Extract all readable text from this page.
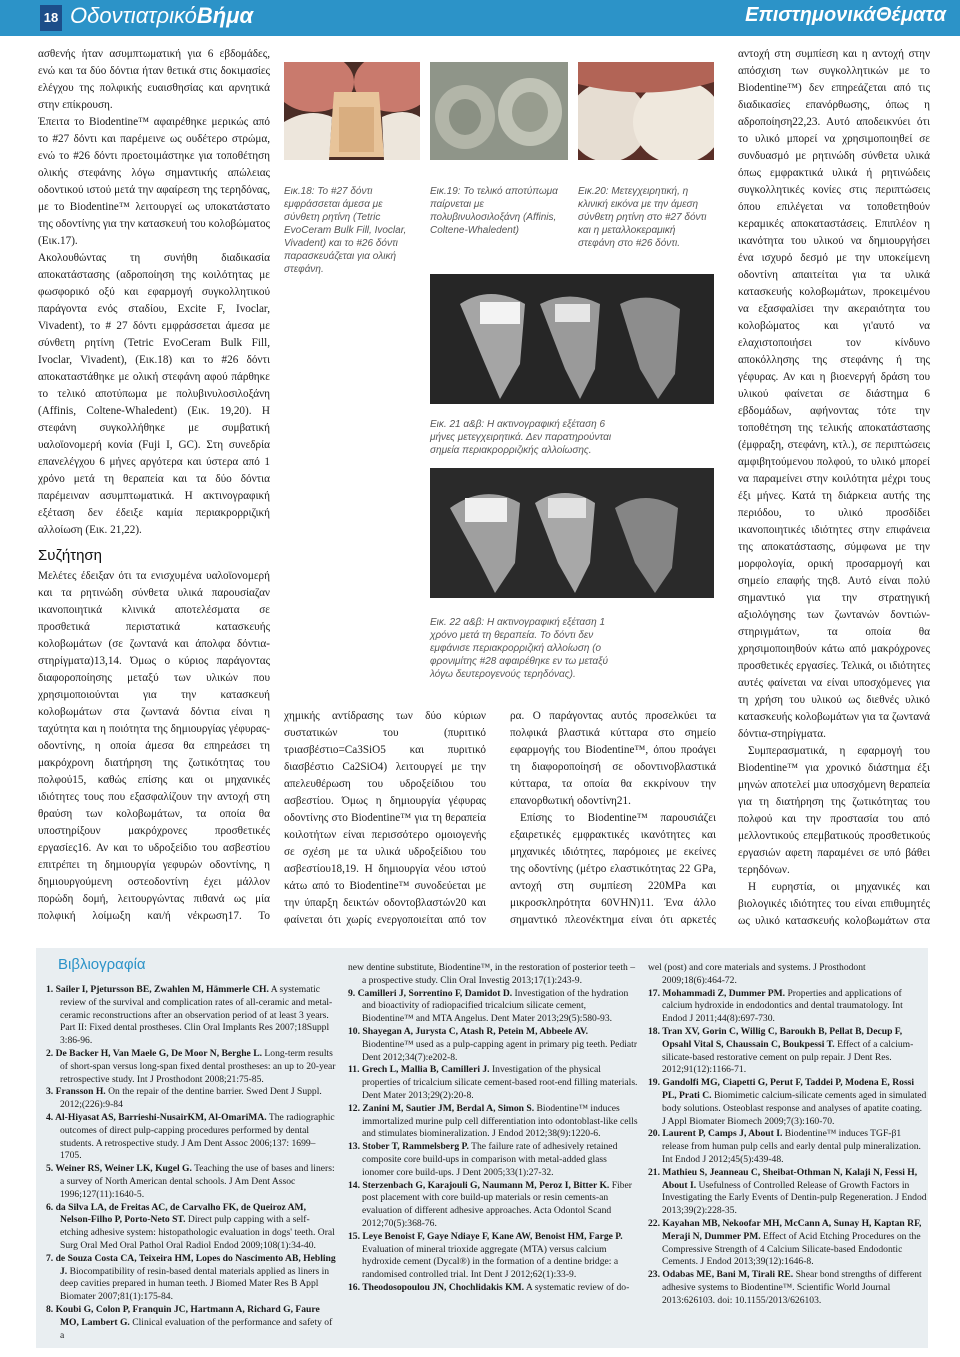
18 ΟδοντιατρικόΒήμα	ΕπιστημονικάΘέματα

ασθενής ήταν ασυμπτωματική για 6 εβδομάδες, ενώ και τα δύο δόντια ήταν θετικά στις δοκιμασίες ελέγχου της πολφικής ευαισθησίας και αρνητικά στην επίκρουση.

Έπειτα το Biodentine™ αφαιρέθηκε μερικώς από το #27 δόντι και παρέμεινε ως ουδέτερο στρώμα, ενώ το #26 δόντι προετοιμάστηκε για τοποθέτηση ολικής στεφάνης λόγω σημαντικής απώλειας οδοντικού ιστού μετά την αφαίρεση της τερηδόνας, με το Biodentine™ λειτουργεί ως υποκατάστατο της οδοντίνης για την κατασκευή του κολοβώματος (Εικ.17).

Ακολουθώντας τη συνήθη διαδικασία αποκατάστασης (αδροποίηση της κοιλότητας με φωσφορικό οξύ και εφαρμογή συγκολλητικού παράγοντα ενός σταδίου, Excite F, Ivoclar, Vivadent), το # 27 δόντι εμφράσσεται άμεσα με σύνθετη ρητίνη (Tetric EvoCeram Bulk Fill, Ivoclar, Vivadent), (Εικ.18) και το #26 δόντι αποκαταστάθηκε με ολική στεφάνη αφού πάρθηκε το τελικό αποτύπωμα με πολυβινυλοσιλοξάνη (Affinis, Coltene-Whaledent) (Εικ. 19,20). Η στεφάνη συγκολλήθηκε με συμβατική υαλοϊονομερή κονία (Fuji I, GC). Στη συνεδρία επανελέγχου 6 μήνες αργότερα και ύστερα από 1 χρόνο μετά τη θεραπεία και τα δύο δόντια παρέμειναν ασυμπτωματικά. Η ακτινογραφική εξέταση δεν έδειξε καμία περιακρορριζική αλλοίωση (Εικ. 21,22).

Συζήτηση

Μελέτες έδειξαν ότι τα ενισχυμένα υαλοϊονομερή και τα ρητινώδη σύνθετα υλικά παρουσίαζαν ικανοποιητικά κλινικά αποτελέσματα σε προσθετικά περιστατικά κατασκευής κολοβωμάτων (σε ζωντανά και άπολφα δόντια-στηρίγματα)13,14. Όμως ο κύριος παράγοντας διαφοροποίησης μεταξύ των υλικών που χρησιμοποιούνται για την κατασκευή κολοβωμάτων στα ζωντανά δόντια είναι η ταχύτητα και η ποιότητα της δημιουργίας γέφυρας-οδοντίνης, η οποία άμεσα θα επηρεάσει τη μακρόχρονη διατήρηση της ζωτικότητας του πολφού15, καθώς επίσης και οι μηχανικές ιδιότητες τους που εξασφαλίζουν την αντοχή στη θραύση των κολοβωμάτων, τα οποία θα υποστηρίξουν μακρόχρονες προσθετικές εργασίες16. Αν και το υδροξείδιο του ασβεστίου επιτρέπει τη δημιουργία γεφυρών οδοντίνης, η δημιουργούμενη οστεοδοντίνη έχει μάλλον πορώδη δομή, λειτουργώντας πιθανά ως μία πολφική λοίμωξη και/ή νέκρωση17. Το

Εικ.18: Το #27 δόντι εμφράσσεται άμεσα με σύνθετη ρητίνη (Tetric EvoCeram Bulk Fill, Ivoclar, Vivadent) και το #26 δόντι παρασκευάζεται για ολική στεφάνη.
Εικ.19: Το τελικό αποτύπωμα παίρνεται με πολυβινυλοσιλοξάνη (Affinis, Coltene-Whaledent)
Εικ.20: Μετεγχειρητική, η κλινική εικόνα με την άμεση σύνθετη ρητίνη στο #27 δόντι και η μεταλλοκεραμική στεφάνη στο #26 δόντι.
Εικ. 21 α&β: Η ακτινογραφική εξέταση 6 μήνες μετεγχειρητικά. Δεν παρατηρούνται σημεία περιακρορριζικής αλλοίωσης.
Εικ. 22 α&β: Η ακτινογραφική εξέταση 1 χρόνο μετά τη θεραπεία. Το δόντι δεν εμφάνισε περιακρορριζική αλλοίωση (ο φρονιμίτης #28 αφαιρέθηκε εν τω μεταξύ λόγω δευτερογενούς τερηδόνας).

χημικής αντίδρασης των δύο κύριων συστατικών του (πυριτικό τριασβέστιο=Ca3SiO5 και πυριτικό διασβέστιο Ca2SiO4) λειτουργεί με την απελευθέρωση του υδροξείδιου του ασβεστίου. Όμως η δημιουργία γέφυρας οδοντίνης στο Biodentine™ για τη θεραπεία κοιλοτήτων είναι περισσότερο ομοιογενής σε σχέση με τα υλικά υδροξείδιου του ασβεστίου18,19. Η δημιουργία νέου ιστού κάτω από το Biodentine™ συνοδεύεται με την ύπαρξη δεικτών οδοντοβλαστών20 και φαίνεται ότι χωρίς ενεργοποιείται από τον

ρα. Ο παράγοντας αυτός προσελκύει τα πολφικά βλαστικά κύτταρα στο σημείο εφαρμογής του Biodentine™, όπου προάγει τη διαφοροποίησή σε οδοντινοβλαστικά κύτταρα, τα οποία θα εκκρίνουν την επανορθωτική οδοντίνη21.

Επίσης το Biodentine™ παρουσιάζει εξαιρετικές εμφρακτικές ικανότητες και μηχανικές ιδιότητες, παρόμοιες με εκείνες της οδοντίνης (μέτρο ελαστικότητας 22 GPa, αντοχή στη συμπίεση 220MPa και μικροσκληρότητα 60VHN)11. Ένα άλλο σημαντικό πλεονέκτημα είναι ότι αρκετές

αντοχή στη συμπίεση και η αντοχή στην απόσχιση των συγκολλητικών με το Biodentine™) δεν επηρεάζεται από τις διαδικασίες επανόρθωσης, όπως η αδροποίηση22,23. Αυτό αποδεικνύει ότι το υλικό μπορεί να χρησιμοποιηθεί σε συνδυασμό με ρητινώδη σύνθετα υλικά όπως εμφρακτικά υλικά ή ρητινώδεις συγκολλητικές κονίες στις περιπτώσεις όπου επιλέγεται να τοποθετηθούν κεραμικές αποκαταστάσεις. Επιπλέον η ικανότητα του υλικού να δημιουργήσει ένα ισχυρό δεσμό με την υποκείμενη οδοντίνη απαιτείται για τα υλικά κατασκευής κολοβωμάτων, προκειμένου να εξασφαλίσει την ακεραιότητα του κολοβώματος και γι'αυτό να ελαχιστοποιήσει τον κίνδυνο αποκόλλησης της στεφάνης ή της γέφυρας. Αν και η βιοενεργή δράση του υλικού φαίνεται σε διάστημα 6 εβδομάδων, αφήνοντας τότε την τοποθέτηση της τελικής αποκατάστασης (έμφραξη, στεφάνη, κτλ.), σε περιπτώσεις αμφιβητούμενου πολφού, το υλικό μπορεί να παραμείνει στην κοιλότητα μέχρι τους έξι μήνες. Κατά τη διάρκεια αυτής της περιόδου, το υλικό προσδίδει ικανοποιητικές ιδιότητες στην επιφάνεια της αποκατάστασης, σύμφωνα με την μορφολογία, ορική προσαρμογή και σημείο επαφής της8. Αυτό είναι πολύ σημαντικό για την στρατηγική αξιολόγησης των ζωντανών δοντιών-στηριγμάτων, τα οποία θα χρησιμοποιηθούν κάτω από μακρόχρονες προσθετικές εργασίες. Τελικά, οι ιδιότητες αυτές φαίνεται να είναι υποσχόμενες για τη χρήση του υλικού ως διεθνές υλικό κατασκευής κολοβωμάτων για τα ζωντανά δόντια-στηρίγματα.

Συμπερασματικά, η εφαρμογή του Biodentine™ για χρονικό διάστημα έξι μηνών αποτελεί μια υποσχόμενη θεραπεία για τη διατήρηση της ζωτικότητας του πολφού και την προστασία του από μελλοντικούς επεμβατικούς προσθετικούς εργασιών αφετη παραμένει σε υπό βάθει τερηδόνων.

Η ευρηστία, οι μηχανικές και βιολογικές ιδιότητες του είναι επιθυμητές ως υλικό κατασκευής κολοβωμάτων στα

Βιβλιογραφία
1. Sailer I, Pjetursson BE, Zwahlen M, Hämmerle CH. A systematic review of the survival and complication rates of all-ceramic and metal-ceramic reconstructions after an observation period of at least 3 years. Part II: Fixed dental prostheses. Clin Oral Implants Res 2007;18Suppl 3:86-96.
2. De Backer H, Van Maele G, De Moor N, Berghe L. Long-term results of short-span versus long-span fixed dental prostheses: an up to 20-year retrospective study. Int J Prosthodont 2008;21:75-85.
3. Fransson H. On the repair of the dentine barrier. Swed Dent J Suppl. 2012;(226):9-84
4. Al-Hiyasat AS, Barrieshi-NusairKM, Al-OmariMA. The radiographic outcomes of direct pulp-capping procedures performed by dental students. A retrospective study. J Am Dent Assoc 2006;137: 1699–1705.
5. Weiner RS, Weiner LK, Kugel G. Teaching the use of bases and liners: a survey of North American dental schools. J Am Dent Assoc 1996;127(11):1640-5.
6. da Silva LA, de Freitas AC, de Carvalho FK, de Queiroz AM, Nelson-Filho P, Porto-Neto ST. Direct pulp capping with a self-etching adhesive system: histopathologic evaluation in dogs' teeth. Oral Surg Oral Med Oral Pathol Oral Radiol Endod 2009;108(1):34-40.
7. de Souza Costa CA, Teixeira HM, Lopes do Nascimento AB, Hebling J. Biocompatibility of resin-based dental materials applied as liners in deep cavities prepared in human teeth. J Biomed Mater Res B Appl Biomater 2007;81(1):175-84.
8. Koubi G, Colon P, Franquin JC, Hartmann A, Richard G, Faure MO, Lambert G. Clinical evaluation of the performance and safety of a
new dentine substitute, Biodentine™, in the restoration of posterior teeth – a prospective study. Clin Oral Investig 2013;17(1):243-9.
9. Camilleri J, Sorrentino F, Damidot D. Investigation of the hydration and bioactivity of radiopacified tricalcium silicate cement, Biodentine™ and MTA Angelus. Dent Mater 2013;29(5):580-93.
10. Shayegan A, Jurysta C, Atash R, Petein M, Abbeele AV. Biodentine™ used as a pulp-capping agent in primary pig teeth. Pediatr Dent 2012;34(7):e202-8.
11. Grech L, Mallia B, Camilleri J. Investigation of the physical properties of tricalcium silicate cement-based root-end filling materials. Dent Mater 2013;29(2):20-8.
12. Zanini M, Sautier JM, Berdal A, Simon S. Biodentine™ induces immortalized murine pulp cell differentiation into odontoblast-like cells and stimulates biomineralization. J Endod 2012;38(9):1220-6.
13. Stober T, Rammelsberg P. The failure rate of adhesively retained composite core build-ups in comparison with metal-added glass ionomer core build-ups. J Dent 2005;33(1):27-32.
14. Sterzenbach G, Karajouli G, Naumann M, Peroz I, Bitter K. Fiber post placement with core build-up materials or resin cements-an evaluation of different adhesive approaches. Acta Odontol Scand 2012;70(5):368-76.
15. Leye Benoist F, Gaye Ndiaye F, Kane AW, Benoist HM, Farge P. Evaluation of mineral trioxide aggregate (MTA) versus calcium hydroxide cement (Dycal®) in the formation of a dentine bridge: a randomised controlled trial. Int Dent J 2012;62(1):33-9.
16. Theodosopoulou JN, Chochlidakis KM. A systematic review of do-
wel (post) and core materials and systems. J Prosthodont 2009;18(6):464-72.
17. Mohammadi Z, Dummer PM. Properties and applications of calcium hydroxide in endodontics and dental traumatology. Int Endod J 2011;44(8):697-730.
18. Tran XV, Gorin C, Willig C, Baroukh B, Pellat B, Decup F, Opsahl Vital S, Chaussain C, Boukpessi T. Effect of a calcium-silicate-based restorative cement on pulp repair. J Dent Res. 2012;91(12):1166-71.
19. Gandolfi MG, Ciapetti G, Perut F, Taddei P, Modena E, Rossi PL, Prati C. Biomimetic calcium-silicate cements aged in simulated body solutions. Osteoblast response and analyses of apatite coating. J Appl Biomater Biomech 2009;7(3):160-70.
20. Laurent P, Camps J, About I. Biodentine™ induces TGF-β1 release from human pulp cells and early dental pulp mineralization. Int Endod J 2012;45(5):439-48.
21. Mathieu S, Jeanneau C, Sheibat-Othman N, Kalaji N, Fessi H, About I. Usefulness of Controlled Release of Growth Factors in Investigating the Early Events of Dentin-pulp Regeneration. J Endod 2013;39(2):228-35.
22. Kayahan MB, Nekoofar MH, McCann A, Sunay H, Kaptan RF, Meraji N, Dummer PM. Effect of Acid Etching Procedures on the Compressive Strength of 4 Calcium Silicate-based Endodontic Cements. J Endod 2013;39(12):1646-8.
23. Odabas ME, Bani M, Tirali RE. Shear bond strengths of different adhesive systems to Biodentine™. Scientific World Journal 2013:626103. doi: 10.1155/2013/626103.
